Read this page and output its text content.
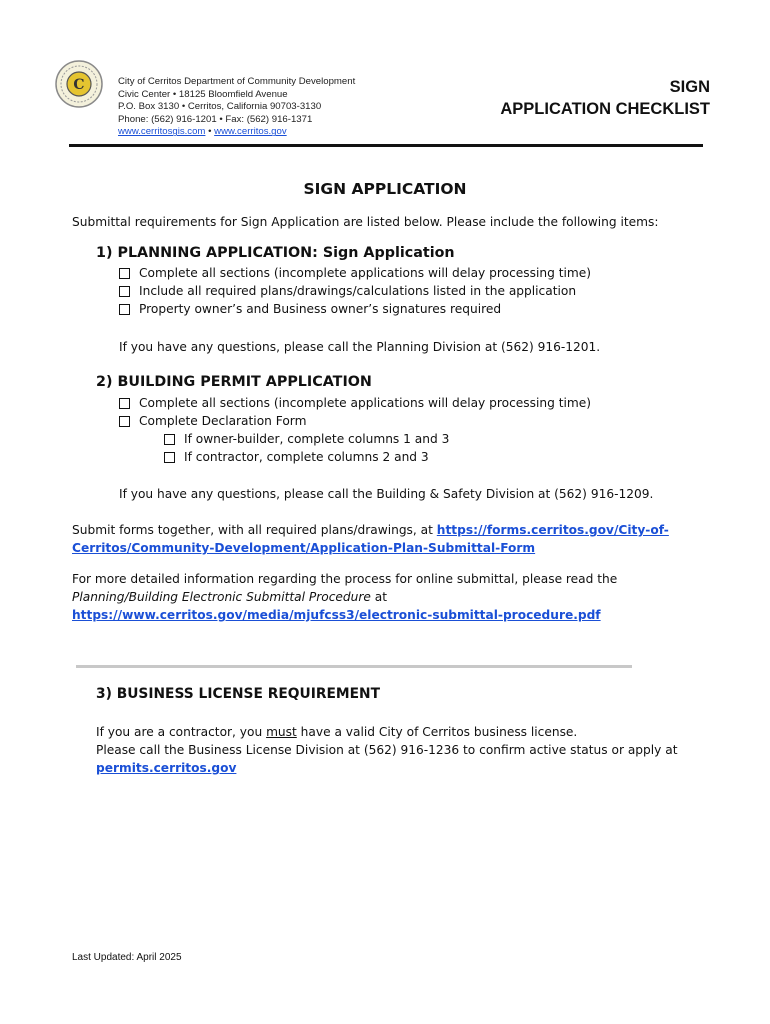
C	City of Cerritos Department of Community Development
Civic Center • 18125 Bloomfield Avenue
P.O. Box 3130 • Cerritos, California 90703-3130
Phone: (562) 916-1201 • Fax: (562) 916-1371
www.cerritosgis.com • www.cerritos.gov
SIGN
APPLICATION CHECKLIST
SIGN APPLICATION
Submittal requirements for Sign Application are listed below. Please include the following items:
1) PLANNING APPLICATION: Sign Application
Complete all sections (incomplete applications will delay processing time)
Include all required plans/drawings/calculations listed in the application
Property owner’s and Business owner’s signatures required
If you have any questions, please call the Planning Division at (562) 916-1201.
2) BUILDING PERMIT APPLICATION
Complete all sections (incomplete applications will delay processing time)
Complete Declaration Form
If owner-builder, complete columns 1 and 3
If contractor, complete columns 2 and 3
If you have any questions, please call the Building & Safety Division at (562) 916-1209.
Submit forms together, with all required plans/drawings, at https://forms.cerritos.gov/City-of-
Cerritos/Community-Development/Application-Plan-Submittal-Form
For more detailed information regarding the process for online submittal, please read the
Planning/Building Electronic Submittal Procedure at
https://www.cerritos.gov/media/mjufcss3/electronic-submittal-procedure.pdf
3) BUSINESS LICENSE REQUIREMENT
If you are a contractor, you must have a valid City of Cerritos business license.
Please call the Business License Division at (562) 916-1236 to confirm active status or apply at
permits.cerritos.gov
Last Updated: April 2025
